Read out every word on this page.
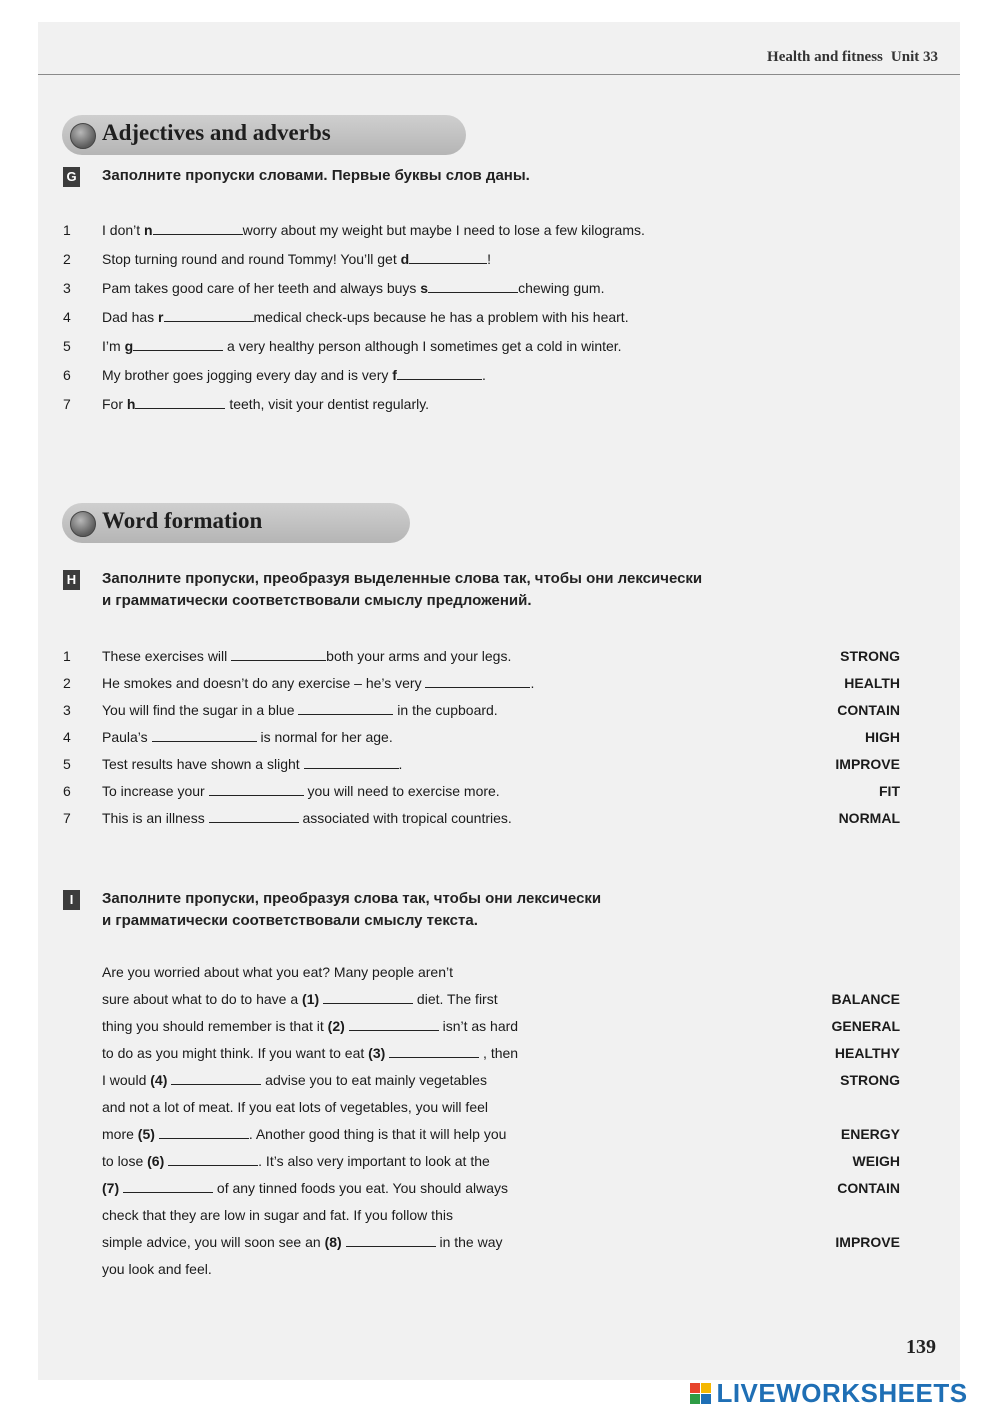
Health and fitness Unit 33
Adjectives and adverbs
G Заполните пропуски словами. Первые буквы слов даны.
1 I don’t n	worry about my weight but maybe I need to lose a few kilograms.
2 Stop turning round and round Tommy! You’ll get d	!
3 Pam takes good care of her teeth and always buys s	chewing gum.
4 Dad has r	medical check-ups because he has a problem with his heart.
5 I’m g	a very healthy person although I sometimes get a cold in winter.
6 My brother goes jogging every day and is very f	.
7 For h	teeth, visit your dentist regularly.
Word formation
H Заполните пропуски, преобразуя выделенные слова так, чтобы они лексически
и грамматически соответствовали смыслу предложений.
1 These exercises will	both your arms and your legs.	STRONG
2 He smokes and doesn’t do any exercise – he’s very	.	HEALTH
3 You will find the sugar in a blue	in the cupboard.	CONTAIN
4 Paula’s	is normal for her age.	HIGH
5 Test results have shown a slight	.	IMPROVE
6 To increase your	you will need to exercise more.	FIT
7 This is an illness	associated with tropical countries.	NORMAL
I	Заполните пропуски, преобразуя слова так, чтобы они лексически
и грамматически соответствовали смыслу текста.
Are you worried about what you eat? Many people aren’t
sure about what to do to have a (1)	diet. The first	BALANCE
thing you should remember is that it (2)	isn’t as hard	GENERAL
to do as you might think. If you want to eat (3)	, then	HEALTHY
I would (4)	advise you to eat mainly vegetables	STRONG
and not a lot of meat. If you eat lots of vegetables, you will feel
more (5)	. Another good thing is that it will help you	ENERGY
to lose (6)	. It’s also very important to look at the	WEIGH
(7)	of any tinned foods you eat. You should always	CONTAIN
check that they are low in sugar and fat. If you follow this
simple advice, you will soon see an (8)	in the way	IMPROVE
you look and feel.
139
LIVEWORKSHEETS
